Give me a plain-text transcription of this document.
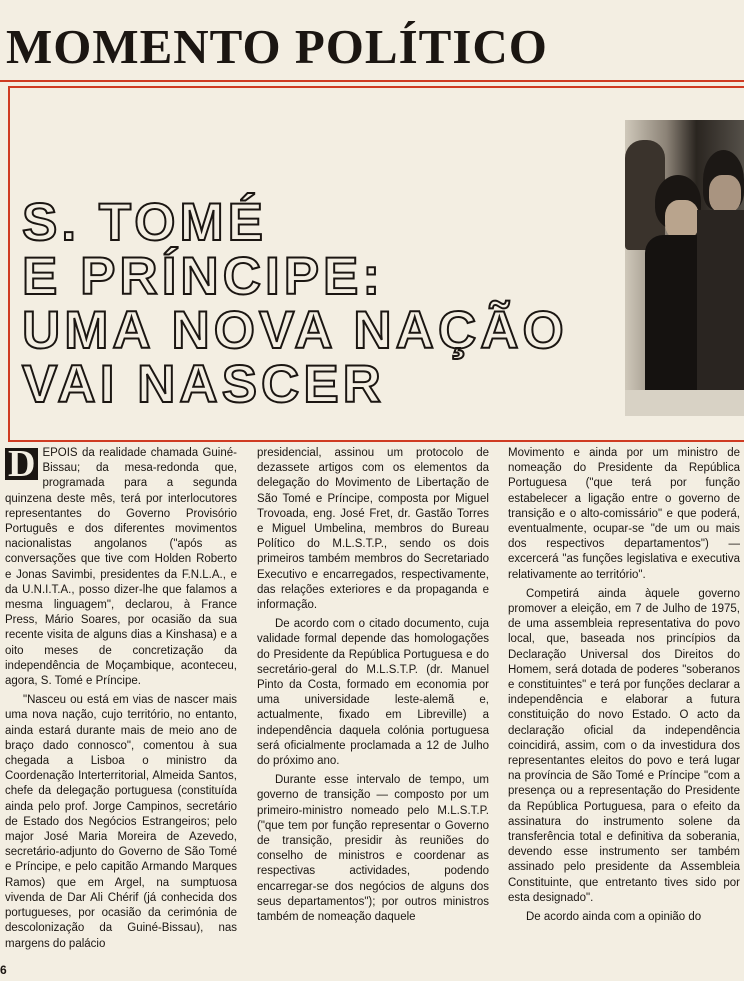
MOMENTO POLÍTICO
S. TOMÉ
E PRÍNCIPE:
UMA NOVA NAÇÃO
VAI NASCER

D EPOIS da realidade chamada Guiné-Bissau; da mesa-redonda que, programada para a segunda quinzena deste mês, terá por interlocutores representantes do Governo Provisório Português e dos diferentes movimentos nacionalistas angolanos ("após as conversações que tive com Holden Roberto e Jonas Savimbi, presidentes da F.N.L.A., e da U.N.I.T.A., posso dizer-lhe que falamos a mesma linguagem", declarou, à France Press, Mário Soares, por ocasião da sua recente visita de alguns dias a Kinshasa) e a oito meses de concretização da independência de Moçambique, aconteceu, agora, S. Tomé e Príncipe.

"Nasceu ou está em vias de nascer mais uma nova nação, cujo território, no entanto, ainda estará durante mais de meio ano de braço dado connosco", comentou à sua chegada a Lisboa o ministro da Coordenação Interterritorial, Almeida Santos, chefe da delegação portuguesa (constituída ainda pelo prof. Jorge Campinos, secretário de Estado dos Negócios Estrangeiros; pelo major José Maria Moreira de Azevedo, secretário-adjunto do Governo de São Tomé e Príncipe, e pelo capitão Armando Marques Ramos) que em Argel, na sumptuosa vivenda de Dar Ali Chérif (já conhecida dos portugueses, por ocasião da cerimónia de descolonização da Guiné-Bissau), nas margens do palácio

presidencial, assinou um protocolo de dezassete artigos com os elementos da delegação do Movimento de Libertação de São Tomé e Príncipe, composta por Miguel Trovoada, eng. José Fret, dr. Gastão Torres e Miguel Umbelina, membros do Bureau Político do M.L.S.T.P., sendo os dois primeiros também membros do Secretariado Executivo e encarregados, respectivamente, das relações exteriores e da propaganda e informação.

De acordo com o citado documento, cuja validade formal depende das homologações do Presidente da República Portuguesa e do secretário-geral do M.L.S.T.P. (dr. Manuel Pinto da Costa, formado em economia por uma universidade leste-alemã e, actualmente, fixado em Libreville) a independência daquela colónia portuguesa será oficialmente proclamada a 12 de Julho do próximo ano.

Durante esse intervalo de tempo, um governo de transição — composto por um primeiro-ministro nomeado pelo M.L.S.T.P. ("que tem por função representar o Governo de transição, presidir às reuniões do conselho de ministros e coordenar as respectivas actividades, podendo encarregar-se dos negócios de alguns dos seus departamentos"); por outros ministros também de nomeação daquele

Movimento e ainda por um ministro de nomeação do Presidente da República Portuguesa ("que terá por função estabelecer a ligação entre o governo de transição e o alto-comissário" e que poderá, eventualmente, ocupar-se "de um ou mais dos respectivos departamentos") — excercerá "as funções legislativa e executiva relativamente ao território".

Competirá ainda àquele governo promover a eleição, em 7 de Julho de 1975, de uma assembleia representativa do povo local, que, baseada nos princípios da Declaração Universal dos Direitos do Homem, será dotada de poderes "soberanos e constituintes" e terá por funções declarar a independência e elaborar a futura constituição do novo Estado. O acto da declaração oficial da independência coincidirá, assim, com o da investidura dos representantes eleitos do povo e terá lugar na província de São Tomé e Príncipe "com a presença ou a representação do Presidente da República Portuguesa, para o efeito da assinatura do instrumento solene da transferência total e definitiva da soberania, devendo esse instrumento ser também assinado pelo presidente da Assembleia Constituinte, que entretanto tives sido por esta designado".

De acordo ainda com a opinião do

6
